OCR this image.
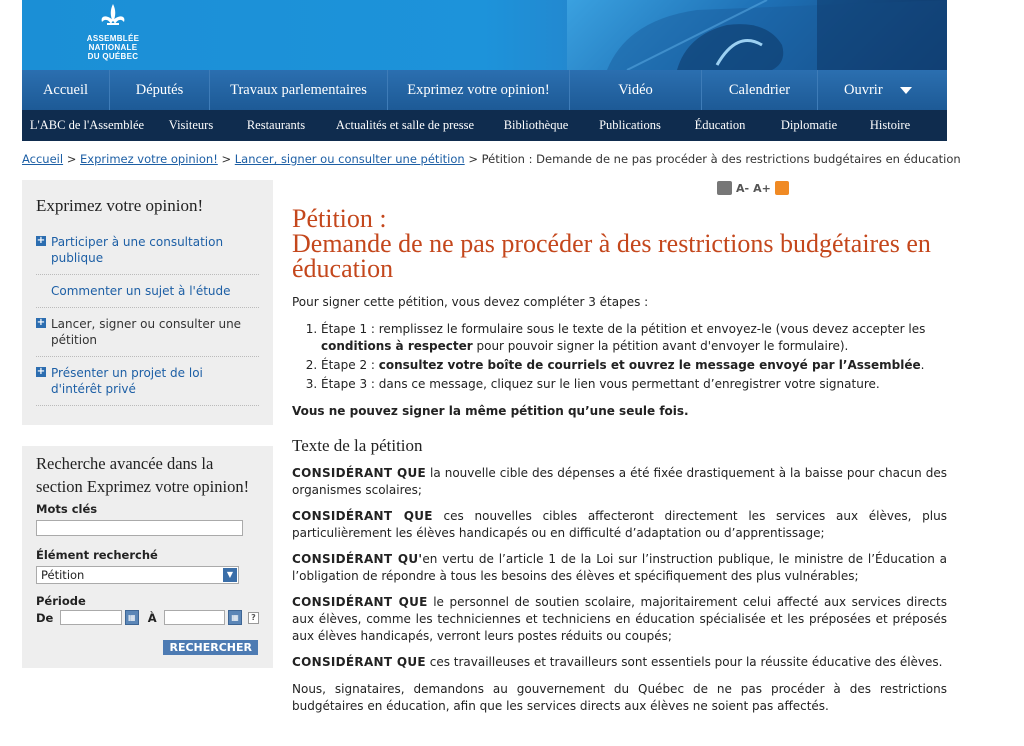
ASSEMBLÉE
NATIONALE
DU QUÉBEC
Accueil	Députés	Travaux parlementaires	Exprimez votre opinion!	Vidéo	Calendrier	Ouvrir
L'ABC de l'Assemblée	Visiteurs	Restaurants	Actualités et salle de presse	Bibliothèque	Publications	Éducation	Diplomatie	Histoire
Accueil > Exprimez votre opinion! > Lancer, signer ou consulter une pétition > Pétition : Demande de ne pas procéder à des restrictions budgétaires en éducation
Exprimez votre opinion!
+ Participer à une consultation publique
Commenter un sujet à l'étude
+ Lancer, signer ou consulter une pétition
+ Présenter un projet de loi d'intérêt privé
Recherche avancée dans la section Exprimez votre opinion!
Mots clés
Élément recherché
Pétition	▼
Période
De	▦ À	▦	?
RECHERCHER
A- A+
Pétition :
Demande de ne pas procéder à des restrictions budgétaires en éducation

Pour signer cette pétition, vous devez compléter 3 étapes :

1. Étape 1 : remplissez le formulaire sous le texte de la pétition et envoyez-le (vous devez accepter les conditions à respecter pour pouvoir signer la pétition avant d'envoyer le formulaire).
2. Étape 2 : consultez votre boîte de courriels et ouvrez le message envoyé par l’Assemblée.
3. Étape 3 : dans ce message, cliquez sur le lien vous permettant d’enregistrer votre signature.

Vous ne pouvez signer la même pétition qu’une seule fois.

Texte de la pétition

CONSIDÉRANT QUE la nouvelle cible des dépenses a été fixée drastiquement à la baisse pour chacun des organismes scolaires;

CONSIDÉRANT QUE ces nouvelles cibles affecteront directement les services aux élèves, plus particulièrement les élèves handicapés ou en difficulté d’adaptation ou d’apprentissage;

CONSIDÉRANT QU'en vertu de l’article 1 de la Loi sur l’instruction publique, le ministre de l’Éducation a l’obligation de répondre à tous les besoins des élèves et spécifiquement des plus vulnérables;

CONSIDÉRANT QUE le personnel de soutien scolaire, majoritairement celui affecté aux services directs aux élèves, comme les techniciennes et techniciens en éducation spécialisée et les préposées et préposés aux élèves handicapés, verront leurs postes réduits ou coupés;

CONSIDÉRANT QUE ces travailleuses et travailleurs sont essentiels pour la réussite éducative des élèves.

Nous, signataires, demandons au gouvernement du Québec de ne pas procéder à des restrictions budgétaires en éducation, afin que les services directs aux élèves ne soient pas affectés.
